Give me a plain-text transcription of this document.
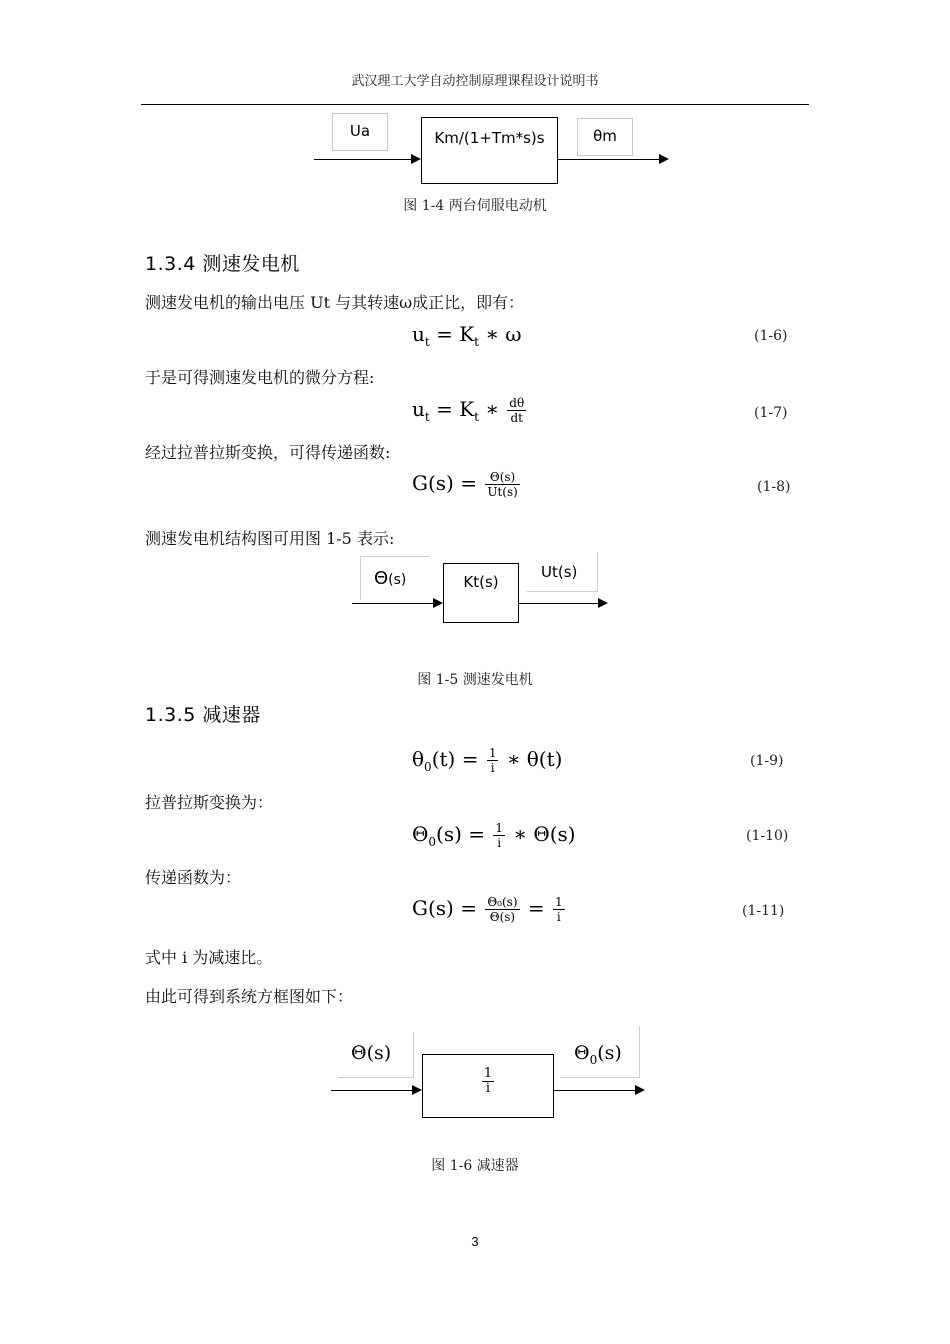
武汉理工大学自动控制原理课程设计说明书
Ua	Km/(1+Tm*s)s	θm
图 1-4 两台伺服电动机
1.3.4 测速发电机
测速发电机的输出电压 Ut 与其转速ω成正比，即有：
$u_t = K_t$ ∗ ω	(1-6)
于是可得测速发电机的微分方程:
$u_t = K_t$ ∗ $\frac{d\theta}{dt}$	(1-7)
经过拉普拉斯变换，可得传递函数:
$G(s) = \frac{\Theta(s)}{Ut(s)}$	(1-8)
测速发电机结构图可用图 1-5 表示:
Θ(s)	Kt(s)
Ut(s)
图 1-5 测速发电机
1.3.5 减速器
$\theta_0(t) = \frac{1}{i}$ ∗ θ(t)	(1-9)
拉普拉斯变换为：
$\Theta_0(s) = \frac{1}{i}$ ∗ Θ(s)	(1-10)
传递函数为：
$G(s) = \frac{\text{Θ₀(s)}}{\Theta(s)} = \frac{1}{i}$	(1-11)
式中 i 为减速比。
由此可得到系统方框图如下：
Θ(s)
$\frac{1}{i}$
$\Theta_0(s)$
图 1-6 减速器
3
